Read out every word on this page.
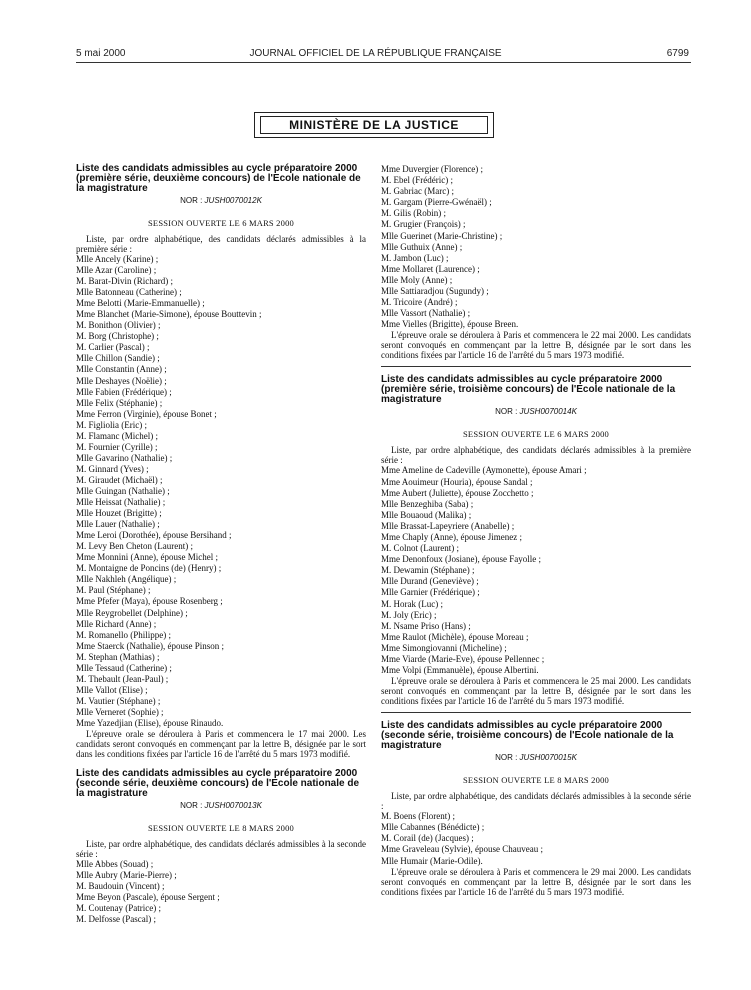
5 mai 2000	JOURNAL OFFICIEL DE LA RÉPUBLIQUE FRANÇAISE	6799
MINISTÈRE DE LA JUSTICE

Liste des candidats admissibles au cycle préparatoire 2000 (première série, deuxième concours) de l'Ecole nationale de la magistrature

NOR : JUSH0070012K

SESSION OUVERTE LE 6 MARS 2000

Liste, par ordre alphabétique, des candidats déclarés admissibles à la première série :

Mlle Ancely (Karine) ;
Mlle Azar (Caroline) ;
M. Barat-Divin (Richard) ;
Mlle Batonneau (Catherine) ;
Mme Belotti (Marie-Emmanuelle) ;
Mme Blanchet (Marie-Simone), épouse Bouttevin ;
M. Bonithon (Olivier) ;
M. Borg (Christophe) ;
M. Carlier (Pascal) ;
Mlle Chillon (Sandie) ;
Mlle Constantin (Anne) ;
Mlle Deshayes (Noëlie) ;
Mlle Fabien (Frédérique) ;
Mlle Felix (Stéphanie) ;
Mme Ferron (Virginie), épouse Bonet ;
M. Figliolia (Eric) ;
M. Flamanc (Michel) ;
M. Fournier (Cyrille) ;
Mlle Gavarino (Nathalie) ;
M. Ginnard (Yves) ;
M. Giraudet (Michaël) ;
Mlle Guingan (Nathalie) ;
Mlle Heissat (Nathalie) ;
Mlle Houzet (Brigitte) ;
Mlle Lauer (Nathalie) ;
Mme Leroi (Dorothée), épouse Bersihand ;
M. Levy Ben Cheton (Laurent) ;
Mme Monnini (Anne), épouse Michel ;
M. Montaigne de Poncins (de) (Henry) ;
Mlle Nakhleh (Angélique) ;
M. Paul (Stéphane) ;
Mme Pfefer (Maya), épouse Rosenberg ;
Mlle Reygrobellet (Delphine) ;
Mlle Richard (Anne) ;
M. Romanello (Philippe) ;
Mme Staerck (Nathalie), épouse Pinson ;
M. Stephan (Mathias) ;
Mlle Tessaud (Catherine) ;
M. Thebault (Jean-Paul) ;
Mlle Vallot (Elise) ;
M. Vautier (Stéphane) ;
Mlle Verneret (Sophie) ;
Mme Yazedjian (Elise), épouse Rinaudo.

L'épreuve orale se déroulera à Paris et commencera le 17 mai 2000. Les candidats seront convoqués en commençant par la lettre B, désignée par le sort dans les conditions fixées par l'article 16 de l'arrêté du 5 mars 1973 modifié.

Liste des candidats admissibles au cycle préparatoire 2000 (seconde série, deuxième concours) de l'Ecole nationale de la magistrature

NOR : JUSH0070013K

SESSION OUVERTE LE 8 MARS 2000

Liste, par ordre alphabétique, des candidats déclarés admissibles à la seconde série :

Mlle Abbes (Souad) ;
Mlle Aubry (Marie-Pierre) ;
M. Baudouin (Vincent) ;
Mme Beyon (Pascale), épouse Sergent ;
M. Coutenay (Patrice) ;
M. Delfosse (Pascal) ;
Mme Duvergier (Florence) ;
M. Ebel (Frédéric) ;
M. Gabriac (Marc) ;
M. Gargam (Pierre-Gwénaël) ;
M. Gilis (Robin) ;
M. Grugier (François) ;
Mlle Guerinet (Marie-Christine) ;
Mlle Guthuix (Anne) ;
M. Jambon (Luc) ;
Mme Mollaret (Laurence) ;
Mlle Moly (Anne) ;
Mlle Sattiaradjou (Sugundy) ;
M. Tricoire (André) ;
Mlle Vassort (Nathalie) ;
Mme Vielles (Brigitte), épouse Breen.

L'épreuve orale se déroulera à Paris et commencera le 22 mai 2000. Les candidats seront convoqués en commençant par la lettre B, désignée par le sort dans les conditions fixées par l'article 16 de l'arrêté du 5 mars 1973 modifié.

Liste des candidats admissibles au cycle préparatoire 2000 (première série, troisième concours) de l'Ecole nationale de la magistrature

NOR : JUSH0070014K

SESSION OUVERTE LE 6 MARS 2000

Liste, par ordre alphabétique, des candidats déclarés admissibles à la première série :

Mme Ameline de Cadeville (Aymonette), épouse Amari ;
Mme Aouimeur (Houria), épouse Sandal ;
Mme Aubert (Juliette), épouse Zocchetto ;
Mlle Benzeghiba (Saba) ;
Mlle Bouaoud (Malika) ;
Mlle Brassat-Lapeyriere (Anabelle) ;
Mme Chaply (Anne), épouse Jimenez ;
M. Colnot (Laurent) ;
Mme Denonfoux (Josiane), épouse Fayolle ;
M. Dewamin (Stéphane) ;
Mlle Durand (Geneviève) ;
Mlle Garnier (Frédérique) ;
M. Horak (Luc) ;
M. Joly (Eric) ;
M. Nsame Priso (Hans) ;
Mme Raulot (Michèle), épouse Moreau ;
Mme Simongiovanni (Micheline) ;
Mme Viarde (Marie-Eve), épouse Pellennec ;
Mme Volpi (Emmanuèle), épouse Albertini.

L'épreuve orale se déroulera à Paris et commencera le 25 mai 2000. Les candidats seront convoqués en commençant par la lettre B, désignée par le sort dans les conditions fixées par l'article 16 de l'arrêté du 5 mars 1973 modifié.

Liste des candidats admissibles au cycle préparatoire 2000 (seconde série, troisième concours) de l'Ecole nationale de la magistrature

NOR : JUSH0070015K

SESSION OUVERTE LE 8 MARS 2000

Liste, par ordre alphabétique, des candidats déclarés admissibles à la seconde série :

M. Boens (Florent) ;
Mlle Cabannes (Bénédicte) ;
M. Corail (de) (Jacques) ;
Mme Graveleau (Sylvie), épouse Chauveau ;
Mlle Humair (Marie-Odile).

L'épreuve orale se déroulera à Paris et commencera le 29 mai 2000. Les candidats seront convoqués en commençant par la lettre B, désignée par le sort dans les conditions fixées par l'article 16 de l'arrêté du 5 mars 1973 modifié.
